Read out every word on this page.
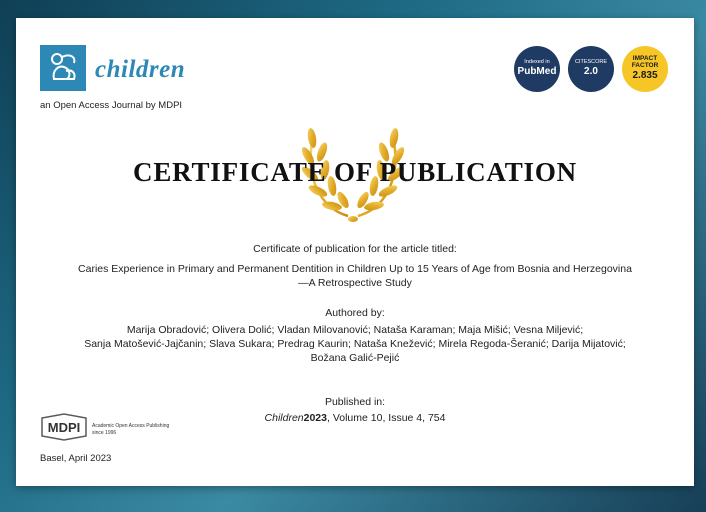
children
an Open Access Journal by MDPI
Indexed in
PubMed
CITESCORE
2.0
IMPACT FACTOR
2.835
CERTIFICATE OF PUBLICATION
Certificate of publication for the article titled:
Caries Experience in Primary and Permanent Dentition in Children Up to 15 Years of Age from Bosnia and Herzegovina—A Retrospective Study
Authored by:
Marija Obradović; Olivera Dolić; Vladan Milovanović; Nataša Karaman; Maja Mišić; Vesna Miljević;
Sanja Matošević-Jajčanin; Slava Sukara; Predrag Kaurin; Nataša Knežević; Mirela Regoda-Šeranić; Darija Mijatović;
Božana Galić-Pejić
Published in:
Children2023, Volume 10, Issue 4, 754
MDPI Academic Open Access Publishing
since 1996
Basel, April 2023
